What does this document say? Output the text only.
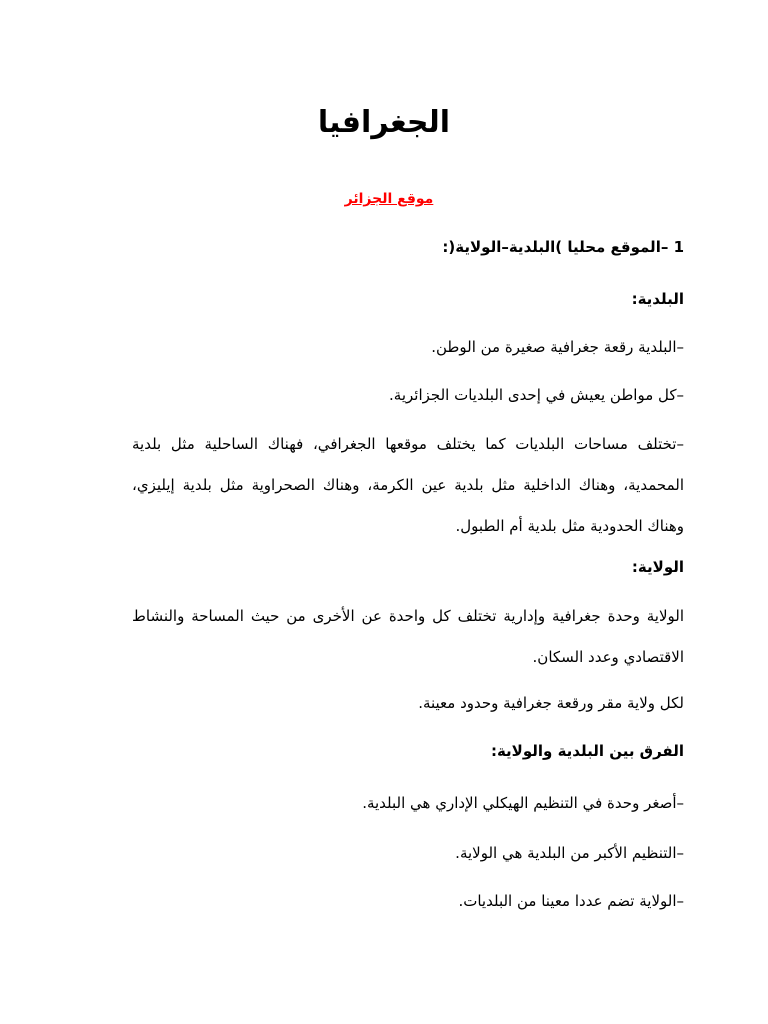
الجغرافيا
موقع الجزائر
1 –الموقع محليا )البلدية–الولاية(:
البلدية:
–البلدية رقعة جغرافية صغيرة من الوطن.
–كل مواطن يعيش في إحدى البلديات الجزائرية.
–تختلف مساحات البلديات كما يختلف موقعها الجغرافي، فهناك الساحلية مثل بلدية المحمدية، وهناك الداخلية مثل بلدية عين الكرمة، وهناك الصحراوية مثل بلدية إيليزي، وهناك الحدودية مثل بلدية أم الطبول.
الولاية:
الولاية وحدة جغرافية وإدارية تختلف كل واحدة عن الأخرى من حيث المساحة والنشاط الاقتصادي وعدد السكان.
لكل ولاية مقر ورقعة جغرافية وحدود معينة.
الفرق بين البلدية والولاية:
–أصغر وحدة في التنظيم الهيكلي الإداري هي البلدية.
–التنظيم الأكبر من البلدية هي الولاية.
–الولاية تضم عددا معينا من البلديات.
